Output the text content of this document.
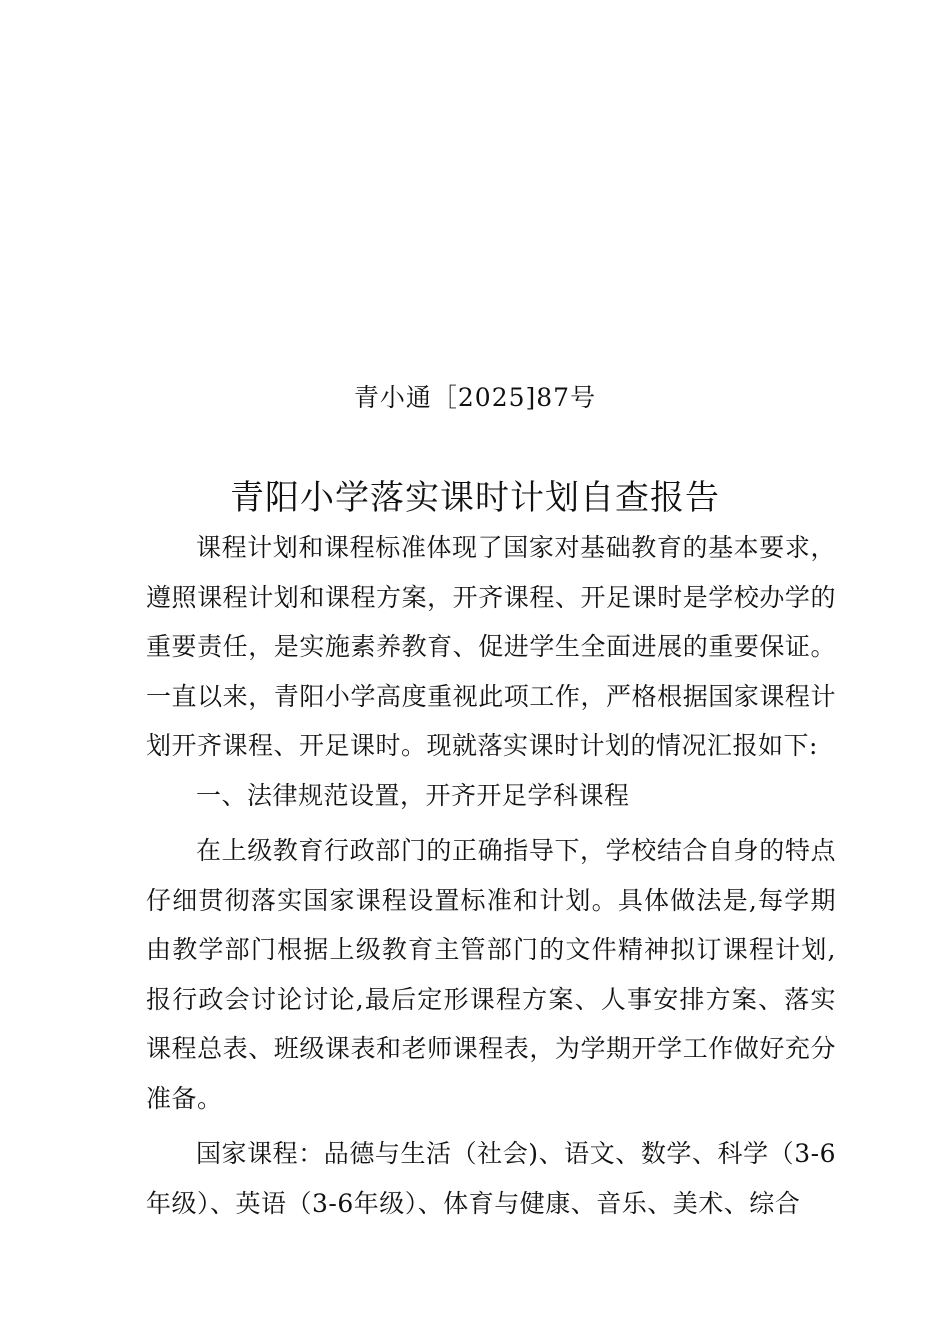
青小通［2025]87号
青阳小学落实课时计划自查报告

课程计划和课程标准体现了国家对基础教育的基本要求，遵照课程计划和课程方案，开齐课程、开足课时是学校办学的重要责任，是实施素养教育、促进学生全面进展的重要保证。一直以来，青阳小学高度重视此项工作，严格根据国家课程计划开齐课程、开足课时。现就落实课时计划的情况汇报如下:

一、法律规范设置，开齐开足学科课程

在上级教育行政部门的正确指导下，学校结合自身的特点仔细贯彻落实国家课程设置标准和计划。具体做法是,每学期由教学部门根据上级教育主管部门的文件精神拟订课程计划,报行政会讨论讨论,最后定形课程方案、人事安排方案、落实课程总表、班级课表和老师课程表，为学期开学工作做好充分准备。

国家课程：品德与生活（社会)、语文、数学、科学（3-6年级）、英语（3-6年级）、体育与健康、音乐、美术、综合
